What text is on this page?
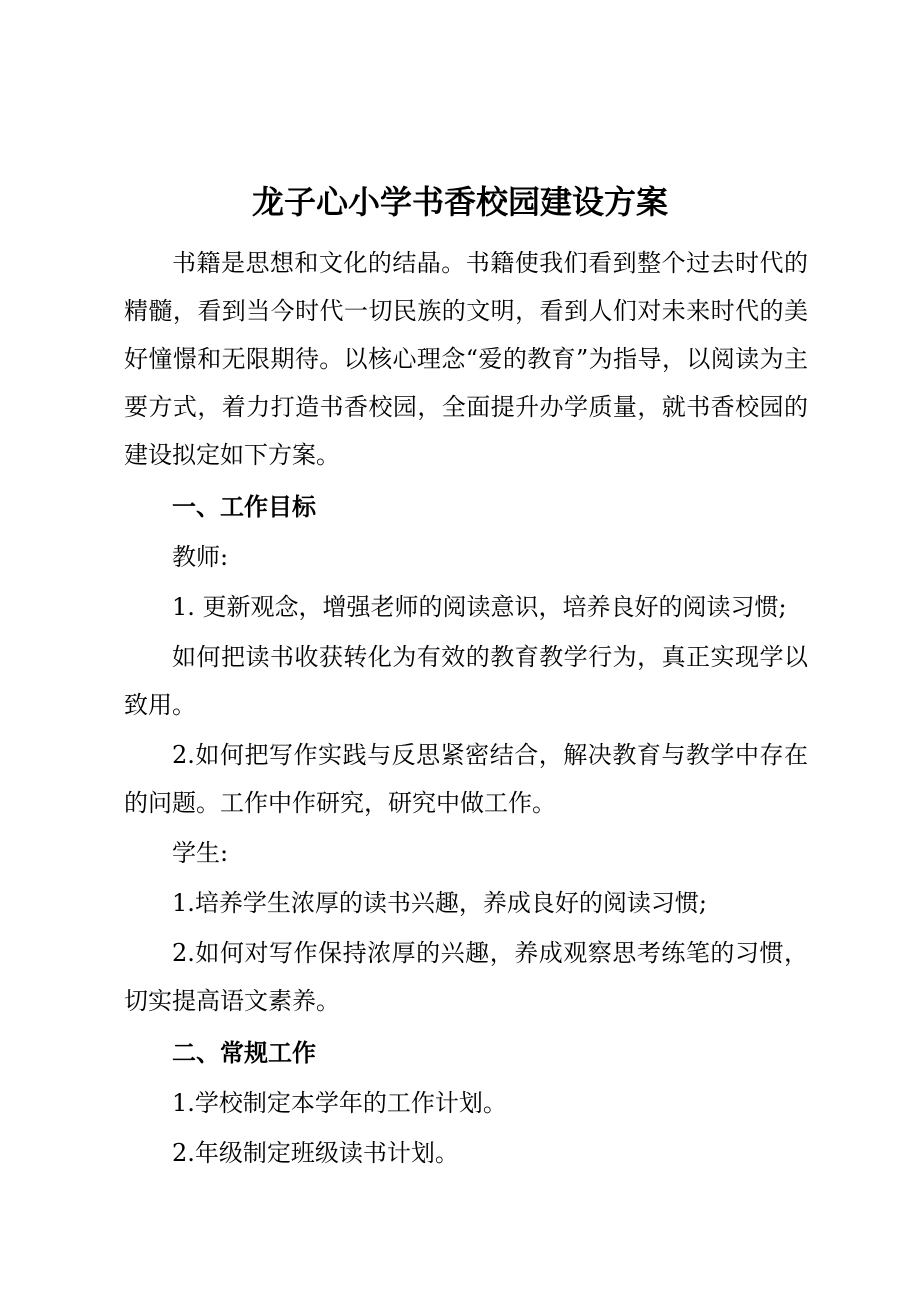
龙子心小学书香校园建设方案

书籍是思想和文化的结晶。书籍使我们看到整个过去时代的精髓，看到当今时代一切民族的文明，看到人们对未来时代的美好憧憬和无限期待。以核心理念“爱的教育”为指导，以阅读为主要方式，着力打造书香校园，全面提升办学质量，就书香校园的建设拟定如下方案。

一、工作目标

教师:

1. 更新观念，增强老师的阅读意识，培养良好的阅读习惯;

如何把读书收获转化为有效的教育教学行为，真正实现学以致用。

2.如何把写作实践与反思紧密结合，解决教育与教学中存在的问题。工作中作研究，研究中做工作。

学生:

1.培养学生浓厚的读书兴趣，养成良好的阅读习惯;

2.如何对写作保持浓厚的兴趣，养成观察思考练笔的习惯，切实提高语文素养。

二、常规工作

1.学校制定本学年的工作计划。

2.年级制定班级读书计划。
